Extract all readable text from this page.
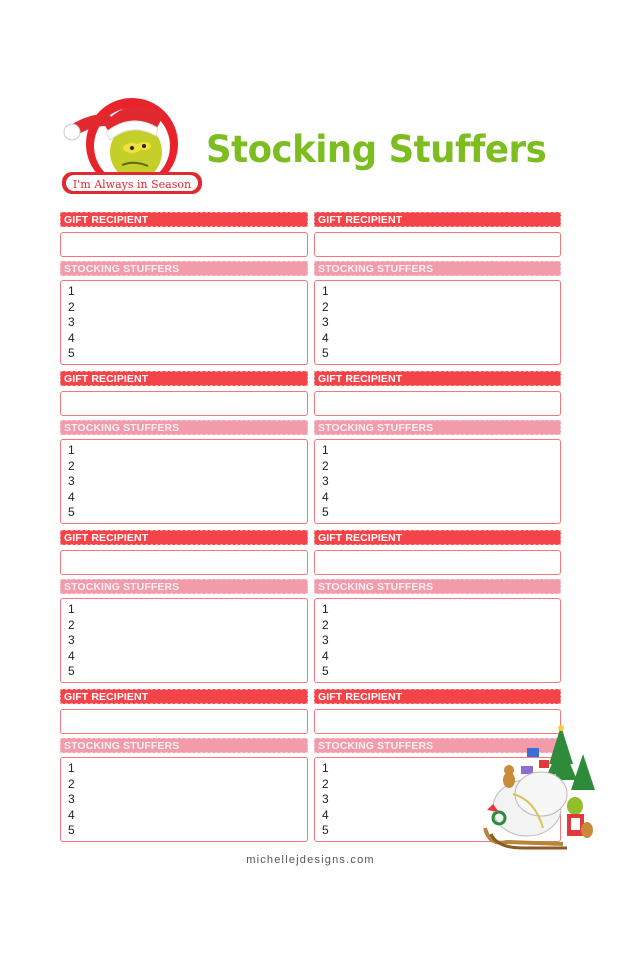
I'm Always in Season
Stocking Stuffers
GIFT RECIPIENT
STOCKING STUFFERS
1
2
3
4
5
GIFT RECIPIENT
STOCKING STUFFERS
1
2
3
4
5
GIFT RECIPIENT
STOCKING STUFFERS
1
2
3
4
5
GIFT RECIPIENT
STOCKING STUFFERS
1
2
3
4
5
GIFT RECIPIENT
STOCKING STUFFERS
1
2
3
4
5
GIFT RECIPIENT
STOCKING STUFFERS
1
2
3
4
5
GIFT RECIPIENT
STOCKING STUFFERS
1
2
3
4
5
GIFT RECIPIENT
STOCKING STUFFERS
1
2
3
4
5
michellejdesigns.com
